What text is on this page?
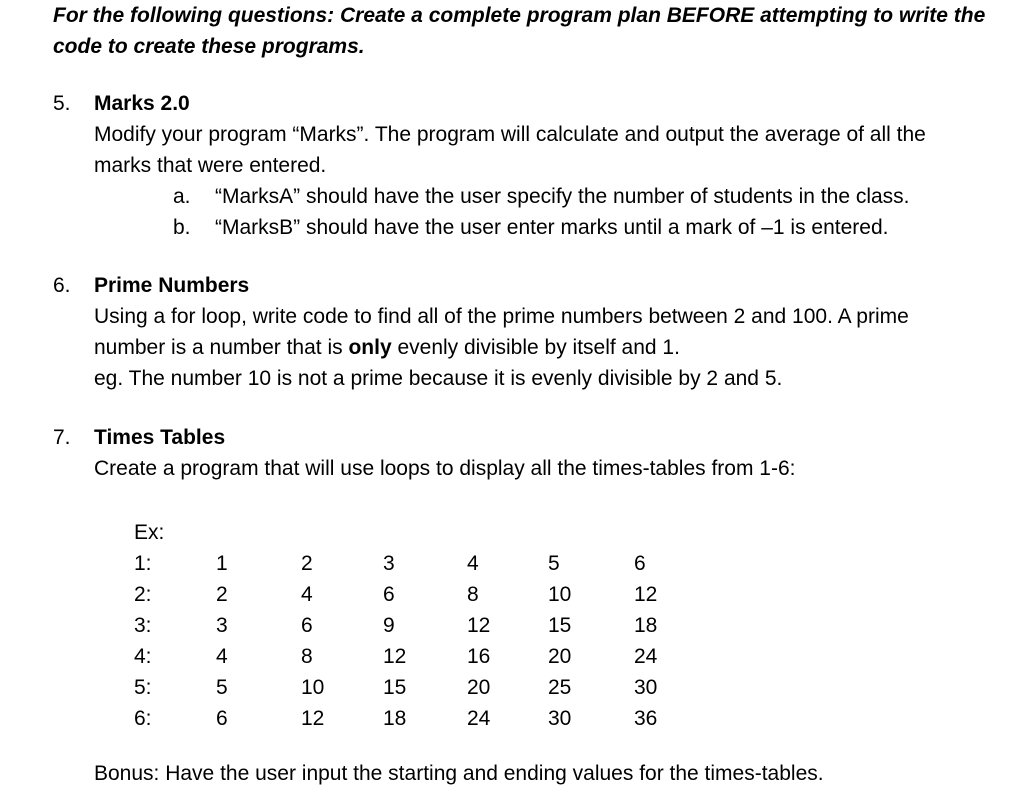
For the following questions: Create a complete program plan BEFORE attempting to write the
code to create these programs.
5.	Marks 2.0
Modify your program “Marks”. The program will calculate and output the average of all the
marks that were entered.
a.	“MarksA” should have the user specify the number of students in the class.
b.	“MarksB” should have the user enter marks until a mark of –1 is entered.
6.	Prime Numbers
Using a for loop, write code to find all of the prime numbers between 2 and 100. A prime
number is a number that is only evenly divisible by itself and 1.
eg. The number 10 is not a prime because it is evenly divisible by 2 and 5.
7.	Times Tables
Create a program that will use loops to display all the times-tables from 1-6:
Ex:
1:	1	2	3	4	5	6
2:	2	4	6	8	10	12
3:	3	6	9	12	15	18
4:	4	8	12	16	20	24
5:	5	10	15	20	25	30
6:	6	12	18	24	30	36
Bonus: Have the user input the starting and ending values for the times-tables.
